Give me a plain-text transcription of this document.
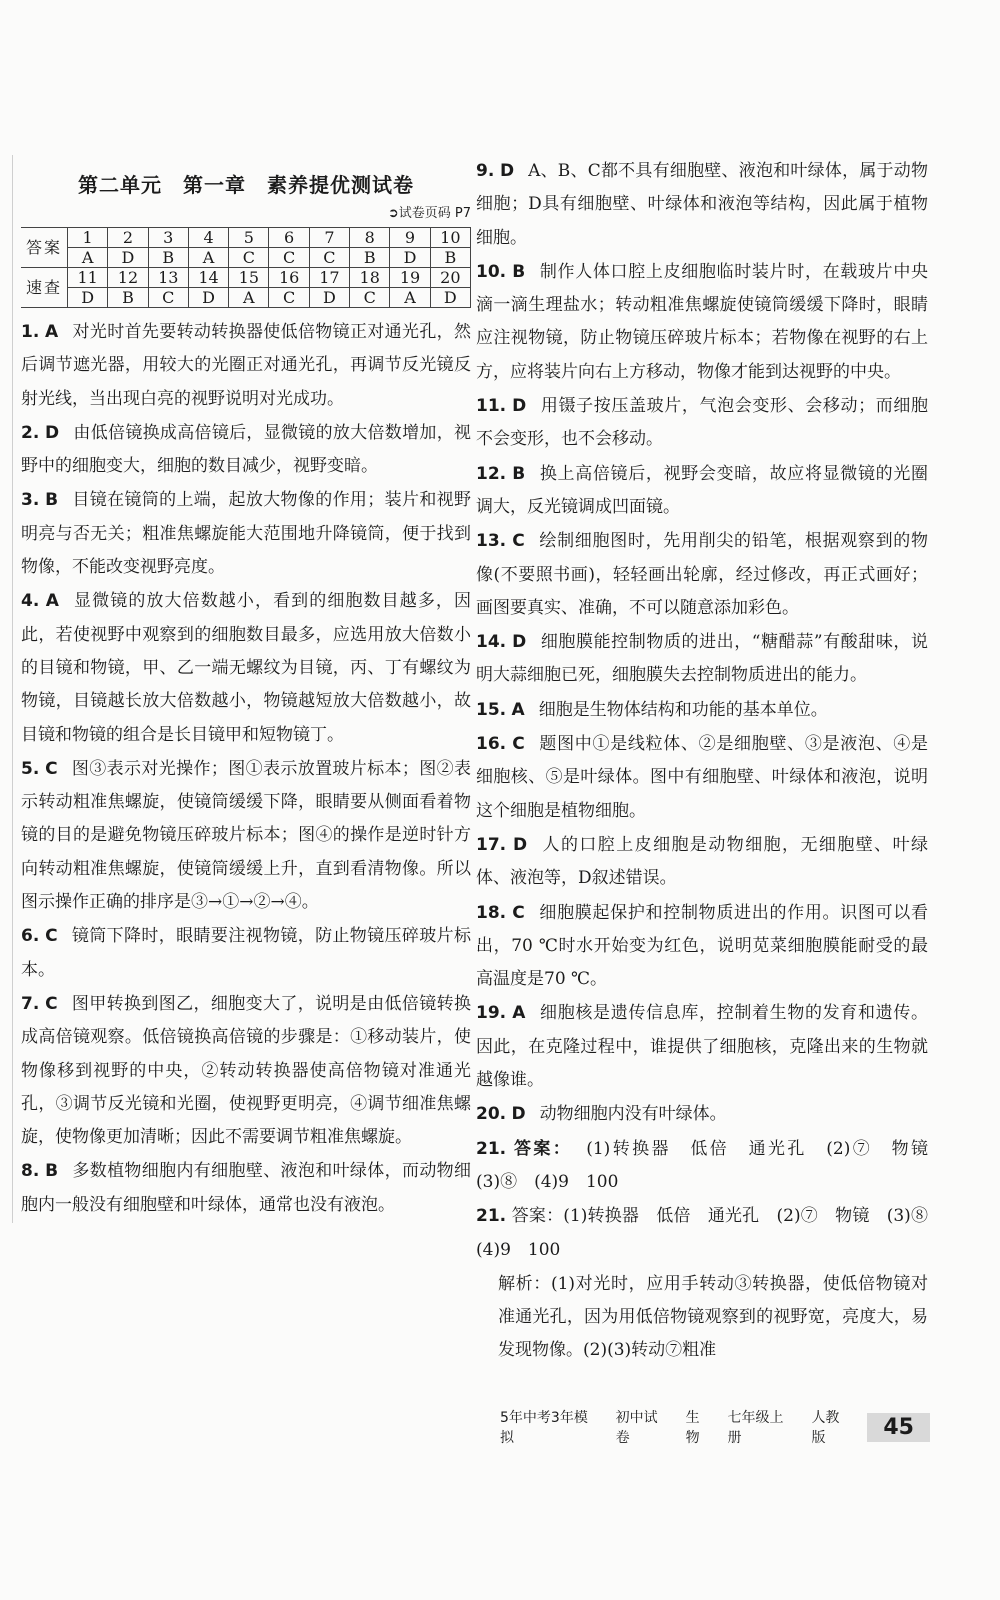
第二单元　第一章　素养提优测试卷
➲试卷页码 P7
答案	1	2	3	4	5	6	7	8	9	10
	A	D	B	A	C	C	C	B	D	B
速查	11	12	13	14	15	16	17	18	19	20
	D	B	C	D	A	C	D	C	A	D
1. A 对光时首先要转动转换器使低倍物镜正对通光孔，然后调节遮光器，用较大的光圈正对通光孔，再调节反光镜反射光线，当出现白亮的视野说明对光成功。
2. D 由低倍镜换成高倍镜后，显微镜的放大倍数增加，视野中的细胞变大，细胞的数目减少，视野变暗。
3. B 目镜在镜筒的上端，起放大物像的作用；装片和视野明亮与否无关；粗准焦螺旋能大范围地升降镜筒，便于找到物像，不能改变视野亮度。
4. A 显微镜的放大倍数越小，看到的细胞数目越多，因此，若使视野中观察到的细胞数目最多，应选用放大倍数小的目镜和物镜，甲、乙一端无螺纹为目镜，丙、丁有螺纹为物镜，目镜越长放大倍数越小，物镜越短放大倍数越小，故目镜和物镜的组合是长目镜甲和短物镜丁。
5. C 图③表示对光操作；图①表示放置玻片标本；图②表示转动粗准焦螺旋，使镜筒缓缓下降，眼睛要从侧面看着物镜的目的是避免物镜压碎玻片标本；图④的操作是逆时针方向转动粗准焦螺旋，使镜筒缓缓上升，直到看清物像。所以图示操作正确的排序是③→①→②→④。
6. C 镜筒下降时，眼睛要注视物镜，防止物镜压碎玻片标本。
7. C 图甲转换到图乙，细胞变大了，说明是由低倍镜转换成高倍镜观察。低倍镜换高倍镜的步骤是：①移动装片，使物像移到视野的中央，②转动转换器使高倍物镜对准通光孔，③调节反光镜和光圈，使视野更明亮，④调节细准焦螺旋，使物像更加清晰；因此不需要调节粗准焦螺旋。
8. B 多数植物细胞内有细胞壁、液泡和叶绿体，而动物细胞内一般没有细胞壁和叶绿体，通常也没有液泡。
9. D A、B、C都不具有细胞壁、液泡和叶绿体，属于动物细胞；D具有细胞壁、叶绿体和液泡等结构，因此属于植物细胞。
10. B 制作人体口腔上皮细胞临时装片时，在载玻片中央滴一滴生理盐水；转动粗准焦螺旋使镜筒缓缓下降时，眼睛应注视物镜，防止物镜压碎玻片标本；若物像在视野的右上方，应将装片向右上方移动，物像才能到达视野的中央。
11. D 用镊子按压盖玻片，气泡会变形、会移动；而细胞不会变形，也不会移动。
12. B 换上高倍镜后，视野会变暗，故应将显微镜的光圈调大，反光镜调成凹面镜。
13. C 绘制细胞图时，先用削尖的铅笔，根据观察到的物像(不要照书画)，轻轻画出轮廓，经过修改，再正式画好；画图要真实、准确，不可以随意添加彩色。
14. D 细胞膜能控制物质的进出，“糖醋蒜”有酸甜味，说明大蒜细胞已死，细胞膜失去控制物质进出的能力。
15. A 细胞是生物体结构和功能的基本单位。
16. C 题图中①是线粒体、②是细胞壁、③是液泡、④是细胞核、⑤是叶绿体。图中有细胞壁、叶绿体和液泡，说明这个细胞是植物细胞。
17. D 人的口腔上皮细胞是动物细胞，无细胞壁、叶绿体、液泡等，D叙述错误。
18. C 细胞膜起保护和控制物质进出的作用。识图可以看出，70 ℃时水开始变为红色，说明苋菜细胞膜能耐受的最高温度是70 ℃。
19. A 细胞核是遗传信息库，控制着生物的发育和遗传。因此，在克隆过程中，谁提供了细胞核，克隆出来的生物就越像谁。
20. D 动物细胞内没有叶绿体。
21. 答案： (1)转换器　低倍　通光孔　(2)⑦　物镜　(3)⑧　(4)9　100
21. 答案：(1)转换器　低倍　通光孔　(2)⑦　物镜　(3)⑧　(4)9　100
解析：(1)对光时，应用手转动③转换器，使低倍物镜对准通光孔，因为用低倍物镜观察到的视野宽，亮度大，易发现物像。(2)(3)转动⑦粗准
5年中考3年模拟
初中试卷
生物
七年级上册
人教版	45
